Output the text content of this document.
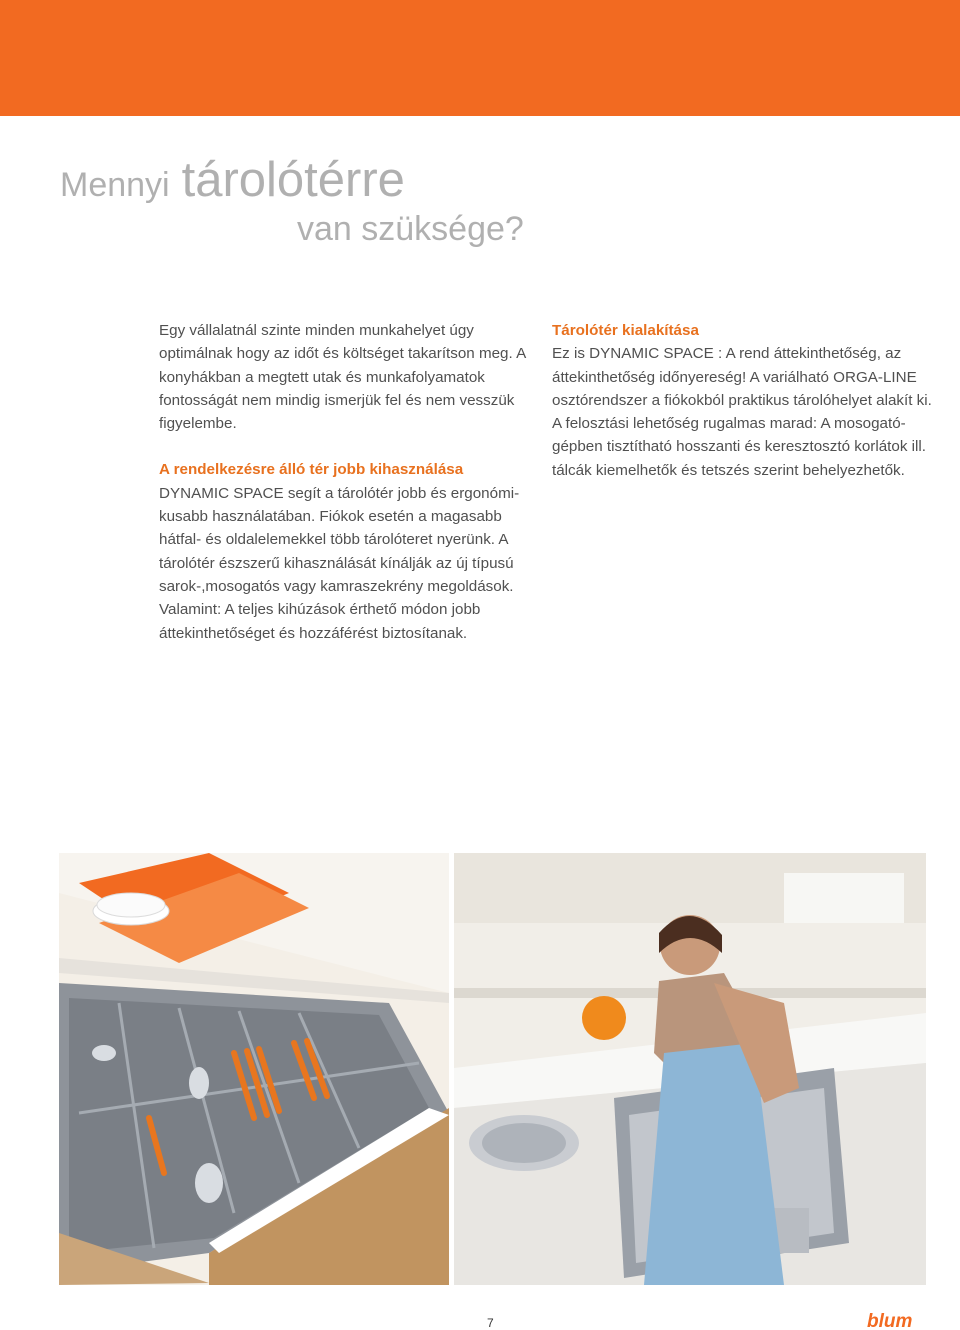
Mennyi tárolótérre
van szüksége?

Egy vállalatnál szinte minden munkahelyet úgy optimálnak hogy az időt és költséget takarítson meg. A konyhákban a megtett utak és munkafolyamatok fontosságát nem mindig ismerjük fel és nem vesszük figyelembe.

A rendelkezésre álló tér jobb kihasználása

DYNAMIC SPACE segít a tárolótér jobb és ergonómikusabb használatában. Fiókok esetén a magasabb hátfal- és oldalelemekkel több tárolóteret nyerünk. A tárolótér észszerű kihasználását kínálják az új típusú sarok-,mosogatós vagy kamraszekrény megoldások. Valamint: A teljes kihúzások érthető módon jobb áttekinthetőséget és hozzáférést biztosítanak.

Tárolótér kialakítása

Ez is DYNAMIC SPACE : A rend áttekinthetőség, az áttekinthetőség időnyereség! A variálható ORGA-LINE osztórendszer a fiókokból praktikus tárolóhelyet alakít ki. A felosztási lehetőség rugalmas marad: A mosogatógépben tisztítható hosszanti és keresztosztó korlátok ill. tálcák kiemelhetők és tetszés szerint behelyezhetők.

7	blum
